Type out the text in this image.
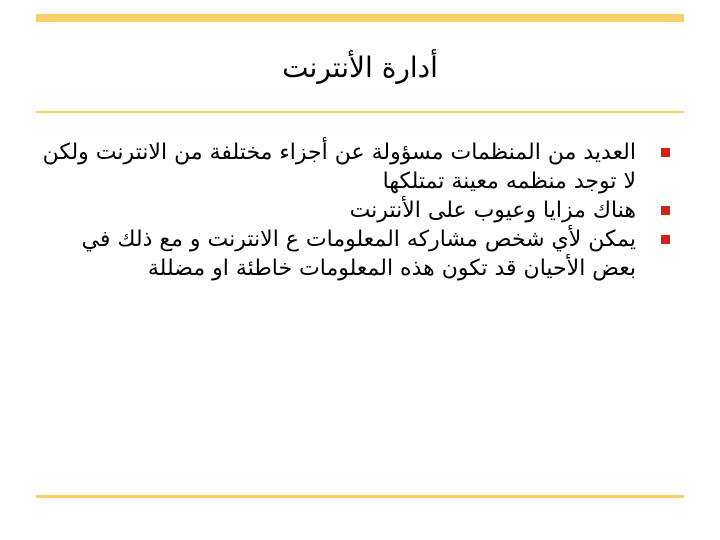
أدارة الأنترنت
العديد من المنظمات مسؤولة عن أجزاء مختلفة من الانترنت ولكن لا توجد منظمه معينة تمتلكها
هناك مزايا وعيوب على الأنترنت
يمكن لأي شخص مشاركه المعلومات ع الانترنت و مع ذلك في بعض الأحيان قد تكون هذه المعلومات خاطئة او مضللة
